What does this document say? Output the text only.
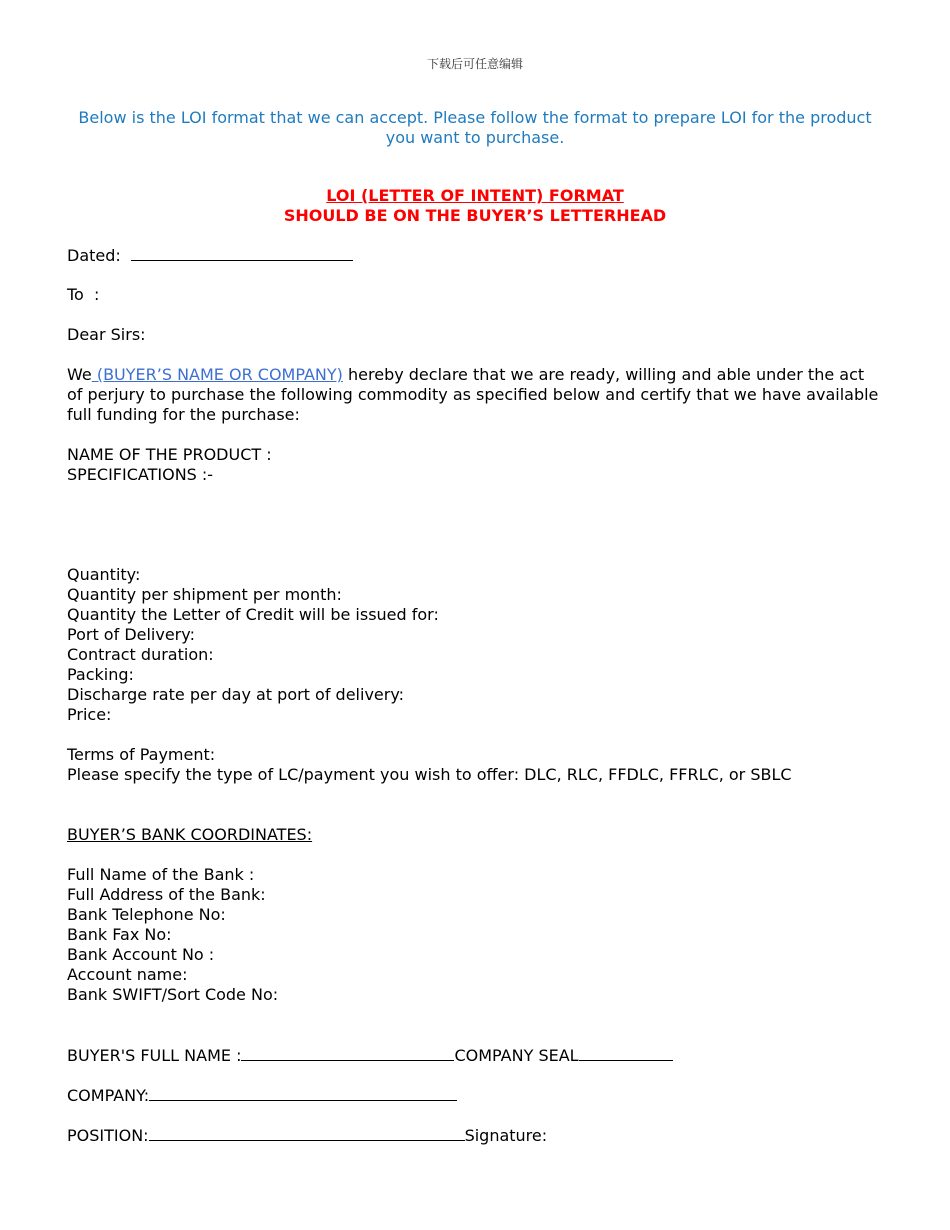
下载后可任意编辑
Below is the LOI format that we can accept. Please follow the format to prepare LOI for the product you want to purchase.
LOI (LETTER OF INTENT) FORMAT
SHOULD BE ON THE BUYER’S LETTERHEAD
Dated:
To  :
Dear Sirs:
We (BUYER’S NAME OR COMPANY) hereby declare that we are ready, willing and able under the act of perjury to purchase the following commodity as specified below and certify that we have available full funding for the purchase:
NAME OF THE PRODUCT :
SPECIFICATIONS :-
Quantity:
Quantity per shipment per month:
Quantity the Letter of Credit will be issued for:
Port of Delivery:
Contract duration:
Packing:
Discharge rate per day at port of delivery:
Price:
Terms of Payment:
Please specify the type of LC/payment you wish to offer: DLC, RLC, FFDLC, FFRLC, or SBLC
BUYER’S BANK COORDINATES:
Full Name of the Bank :
Full Address of the Bank:
Bank Telephone No:
Bank Fax No:
Bank Account No :
Account name:
Bank SWIFT/Sort Code No:
BUYER'S FULL NAME :	COMPANY SEAL
COMPANY:
POSITION:	Signature:
